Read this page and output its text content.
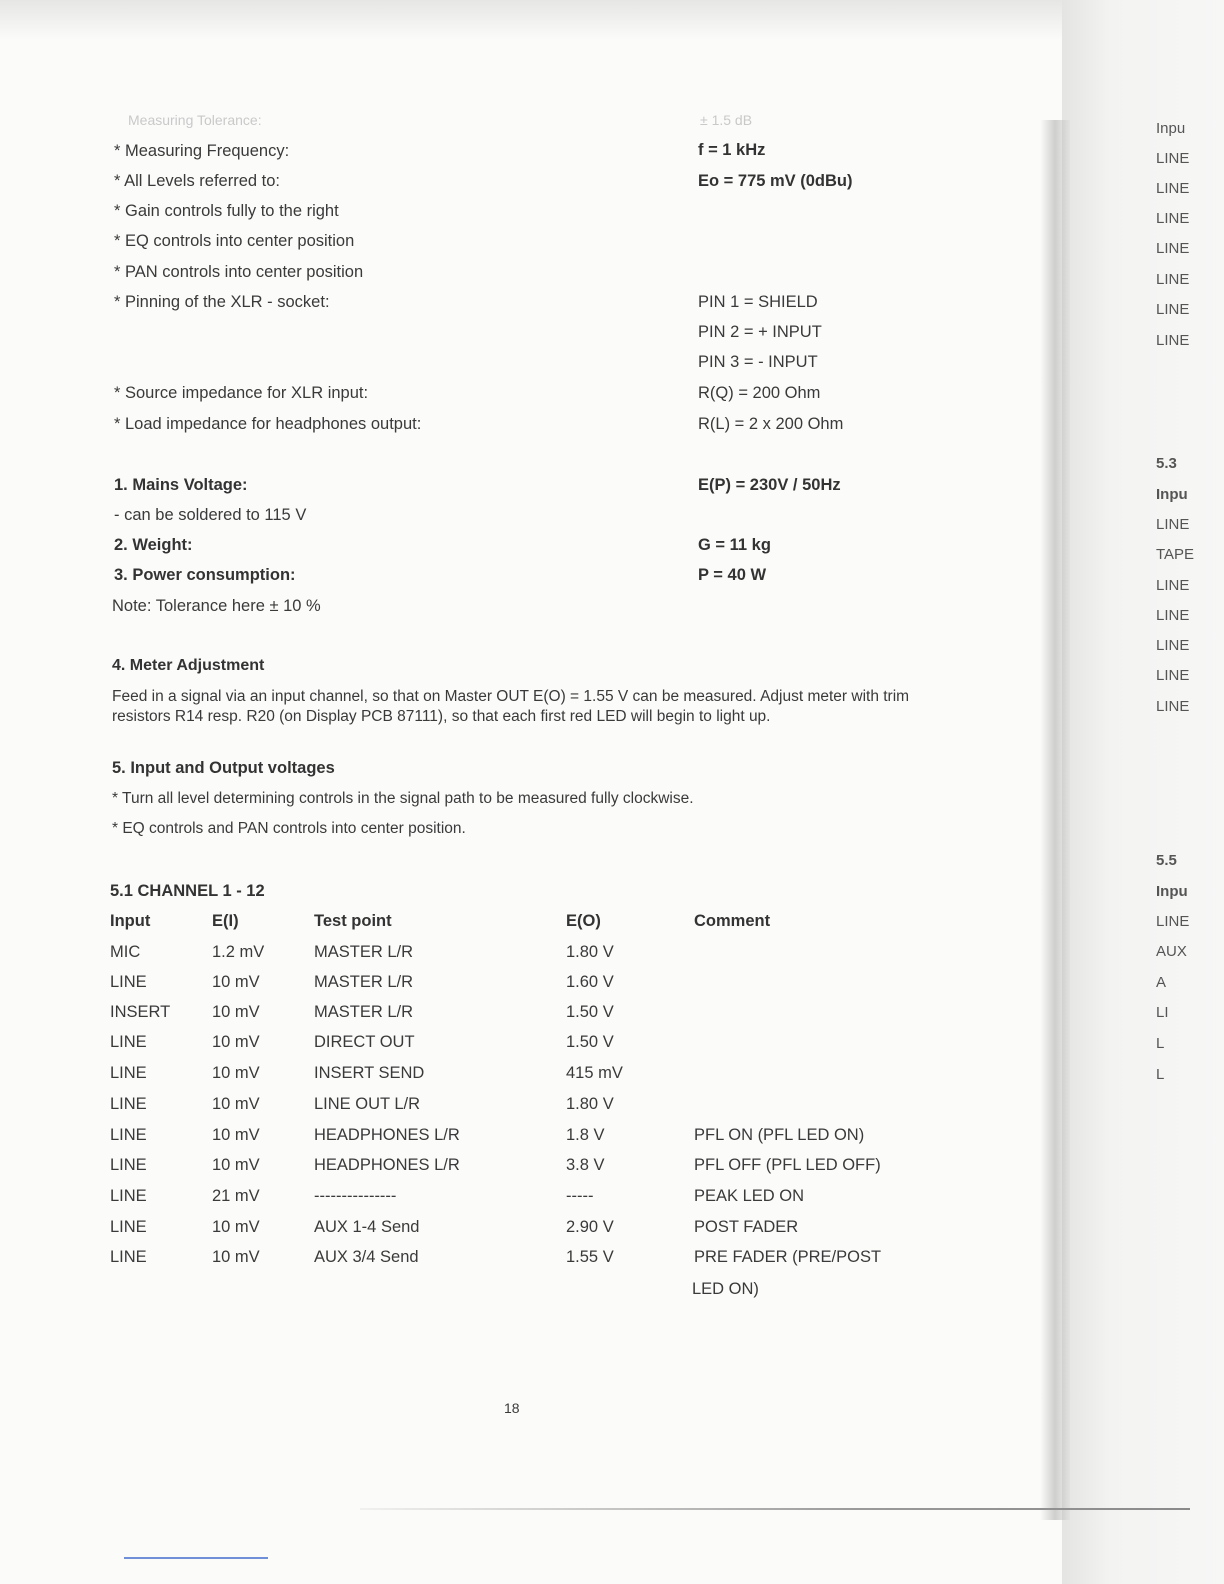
Measuring Tolerance:	± 1.5 dB
* Measuring Frequency:	f = 1 kHz
* All Levels referred to:	Eo = 775 mV (0dBu)
* Gain controls fully to the right
* EQ controls into center position
* PAN controls into center position
* Pinning of the XLR - socket:	PIN 1 = SHIELD
PIN 2 = + INPUT
PIN 3 = - INPUT
* Source impedance for XLR input:	R(Q) = 200 Ohm
* Load impedance for headphones output:	R(L) = 2 x 200 Ohm
1. Mains Voltage:	E(P) = 230V / 50Hz
- can be soldered to 115 V
2. Weight:	G = 11 kg
3. Power consumption:	P = 40 W
Note: Tolerance here ± 10 %
4. Meter Adjustment
Feed in a signal via an input channel, so that on Master OUT E(O) = 1.55 V can be measured. Adjust meter with trim resistors R14 resp. R20 (on Display PCB 87111), so that each first red LED will begin to light up.
5. Input and Output voltages
* Turn all level determining controls in the signal path to be measured fully clockwise.
* EQ controls and PAN controls into center position.
5.1 CHANNEL 1 - 12
Input	E(I)	Test point	E(O)	Comment
MIC	1.2 mV	MASTER L/R	1.80 V
LINE	10 mV	MASTER L/R	1.60 V
INSERT	10 mV	MASTER L/R	1.50 V
LINE	10 mV	DIRECT OUT	1.50 V
LINE	10 mV	INSERT SEND	415 mV
LINE	10 mV	LINE OUT L/R	1.80 V
LINE	10 mV	HEADPHONES L/R	1.8 V	PFL ON (PFL LED ON)
LINE	10 mV	HEADPHONES L/R	3.8 V	PFL OFF (PFL LED OFF)
LINE	21 mV	---------------	-----	PEAK LED ON
LINE	10 mV	AUX 1-4 Send	2.90 V	POST FADER
LINE	10 mV	AUX 3/4 Send	1.55 V	PRE FADER (PRE/POST
LED ON)
18
Inpu
LINE
LINE
LINE
LINE
LINE
LINE
LINE
5.3
Inpu
LINE
TAPE
LINE
LINE
LINE
LINE
LINE
5.5
Inpu
LINE
AUX
A
LI
L
L
